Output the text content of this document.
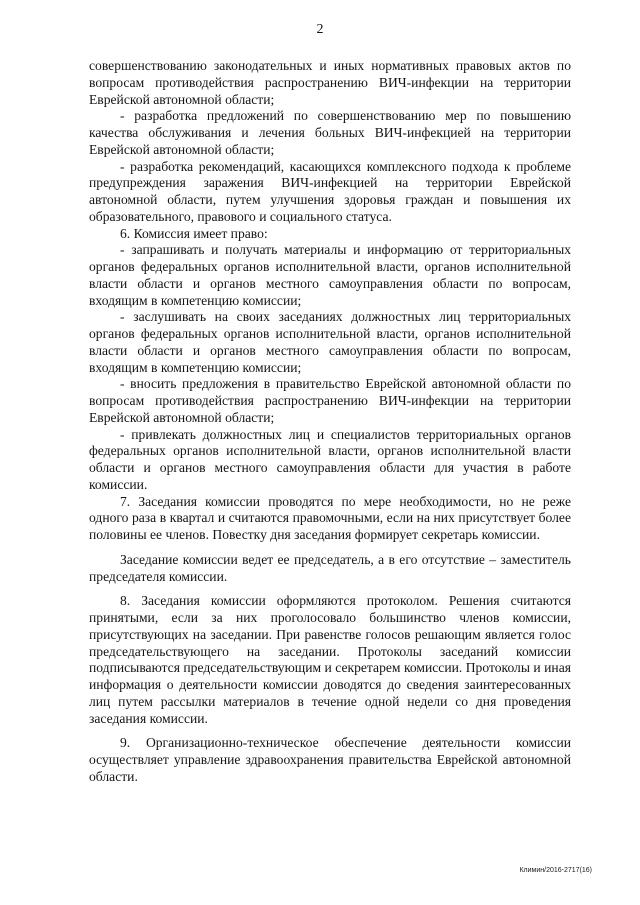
2

совершенствованию законодательных и иных нормативных правовых актов по вопросам противодействия распространению ВИЧ-инфекции на территории Еврейской автономной области;

- разработка предложений по совершенствованию мер по повышению качества обслуживания и лечения больных ВИЧ-инфекцией на территории Еврейской автономной области;

- разработка рекомендаций, касающихся комплексного подхода к проблеме предупреждения заражения ВИЧ-инфекцией на территории Еврейской автономной области, путем улучшения здоровья граждан и повышения их образовательного, правового и социального статуса.

6. Комиссия имеет право:

- запрашивать и получать материалы и информацию от территориальных органов федеральных органов исполнительной власти, органов исполнительной власти области и органов местного самоуправления области по вопросам, входящим в компетенцию комиссии;

- заслушивать на своих заседаниях должностных лиц территориальных органов федеральных органов исполнительной власти, органов исполнительной власти области и органов местного самоуправления области по вопросам, входящим в компетенцию комиссии;

- вносить предложения в правительство Еврейской автономной области по вопросам противодействия распространению ВИЧ-инфекции на территории Еврейской автономной области;

- привлекать должностных лиц и специалистов территориальных органов федеральных органов исполнительной власти, органов исполнительной власти области и органов местного самоуправления области для участия в работе комиссии.

7. Заседания комиссии проводятся по мере необходимости, но не реже одного раза в квартал и считаются правомочными, если на них присутствует более половины ее членов. Повестку дня заседания формирует секретарь комиссии.

Заседание комиссии ведет ее председатель, а в его отсутствие – заместитель председателя комиссии.

8. Заседания комиссии оформляются протоколом. Решения считаются принятыми, если за них проголосовало большинство членов комиссии, присутствующих на заседании. При равенстве голосов решающим является голос председательствующего на заседании. Протоколы заседаний комиссии подписываются председательствующим и секретарем комиссии. Протоколы и иная информация о деятельности комиссии доводятся до сведения заинтересованных лиц путем рассылки материалов в течение одной недели со дня проведения заседания комиссии.

9. Организационно-техническое обеспечение деятельности комиссии осуществляет управление здравоохранения правительства Еврейской автономной области.

Климин/2016-2717(16)
